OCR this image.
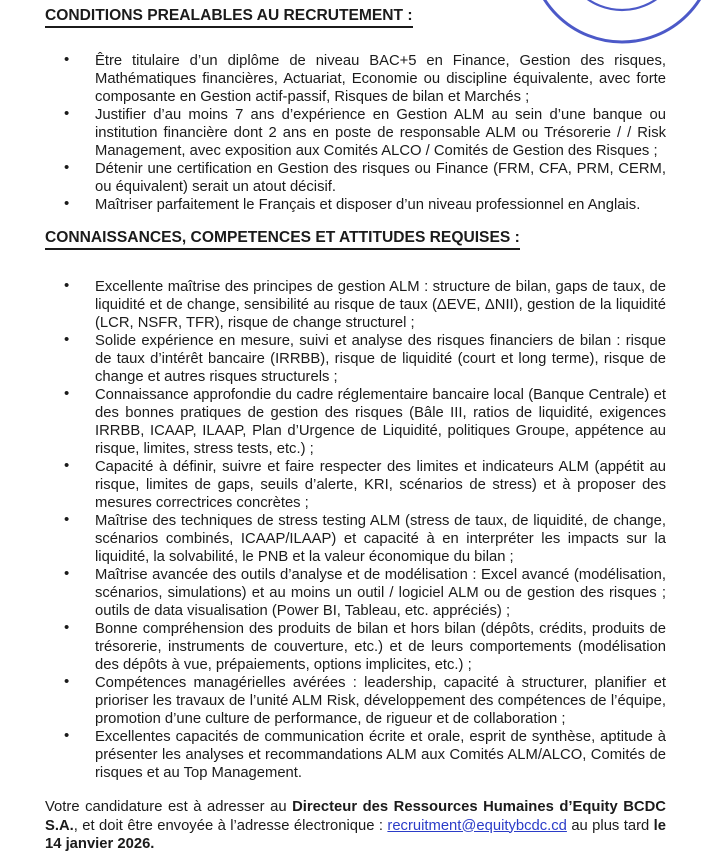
CONDITIONS PREALABLES AU RECRUTEMENT :
• Être titulaire d’un diplôme de niveau BAC+5 en Finance, Gestion des risques, Mathématiques financières, Actuariat, Economie ou discipline équivalente, avec forte composante en Gestion actif-passif, Risques de bilan et Marchés ;
• Justifier d’au moins 7 ans d’expérience en Gestion ALM au sein d’une banque ou institution financière dont 2 ans en poste de responsable ALM ou Trésorerie / / Risk Management, avec exposition aux Comités ALCO / Comités de Gestion des Risques ;
• Détenir une certification en Gestion des risques ou Finance (FRM, CFA, PRM, CERM, ou équivalent) serait un atout décisif.
• Maîtriser parfaitement le Français et disposer d’un niveau professionnel en Anglais.
CONNAISSANCES, COMPETENCES ET ATTITUDES REQUISES :
• Excellente maîtrise des principes de gestion ALM : structure de bilan, gaps de taux, de liquidité et de change, sensibilité au risque de taux (ΔEVE, ΔNII), gestion de la liquidité (LCR, NSFR, TFR), risque de change structurel ;
• Solide expérience en mesure, suivi et analyse des risques financiers de bilan : risque de taux d’intérêt bancaire (IRRBB), risque de liquidité (court et long terme), risque de change et autres risques structurels ;
• Connaissance approfondie du cadre réglementaire bancaire local (Banque Centrale) et des bonnes pratiques de gestion des risques (Bâle III, ratios de liquidité, exigences IRRBB, ICAAP, ILAAP, Plan d’Urgence de Liquidité, politiques Groupe, appétence au risque, limites, stress tests, etc.) ;
• Capacité à définir, suivre et faire respecter des limites et indicateurs ALM (appétit au risque, limites de gaps, seuils d’alerte, KRI, scénarios de stress) et à proposer des mesures correctrices concrètes ;
• Maîtrise des techniques de stress testing ALM (stress de taux, de liquidité, de change, scénarios combinés, ICAAP/ILAAP) et capacité à en interpréter les impacts sur la liquidité, la solvabilité, le PNB et la valeur économique du bilan ;
• Maîtrise avancée des outils d’analyse et de modélisation : Excel avancé (modélisation, scénarios, simulations) et au moins un outil / logiciel ALM ou de gestion des risques ; outils de data visualisation (Power BI, Tableau, etc. appréciés) ;
• Bonne compréhension des produits de bilan et hors bilan (dépôts, crédits, produits de trésorerie, instruments de couverture, etc.) et de leurs comportements (modélisation des dépôts à vue, prépaiements, options implicites, etc.) ;
• Compétences managérielles avérées : leadership, capacité à structurer, planifier et prioriser les travaux de l’unité ALM Risk, développement des compétences de l’équipe, promotion d’une culture de performance, de rigueur et de collaboration ;
• Excellentes capacités de communication écrite et orale, esprit de synthèse, aptitude à présenter les analyses et recommandations ALM aux Comités ALM/ALCO, Comités de risques et au Top Management.

Votre candidature est à adresser au Directeur des Ressources Humaines d’Equity BCDC S.A., et doit être envoyée à l’adresse électronique : recruitment@equitybcdc.cd au plus tard le 14 janvier 2026.
